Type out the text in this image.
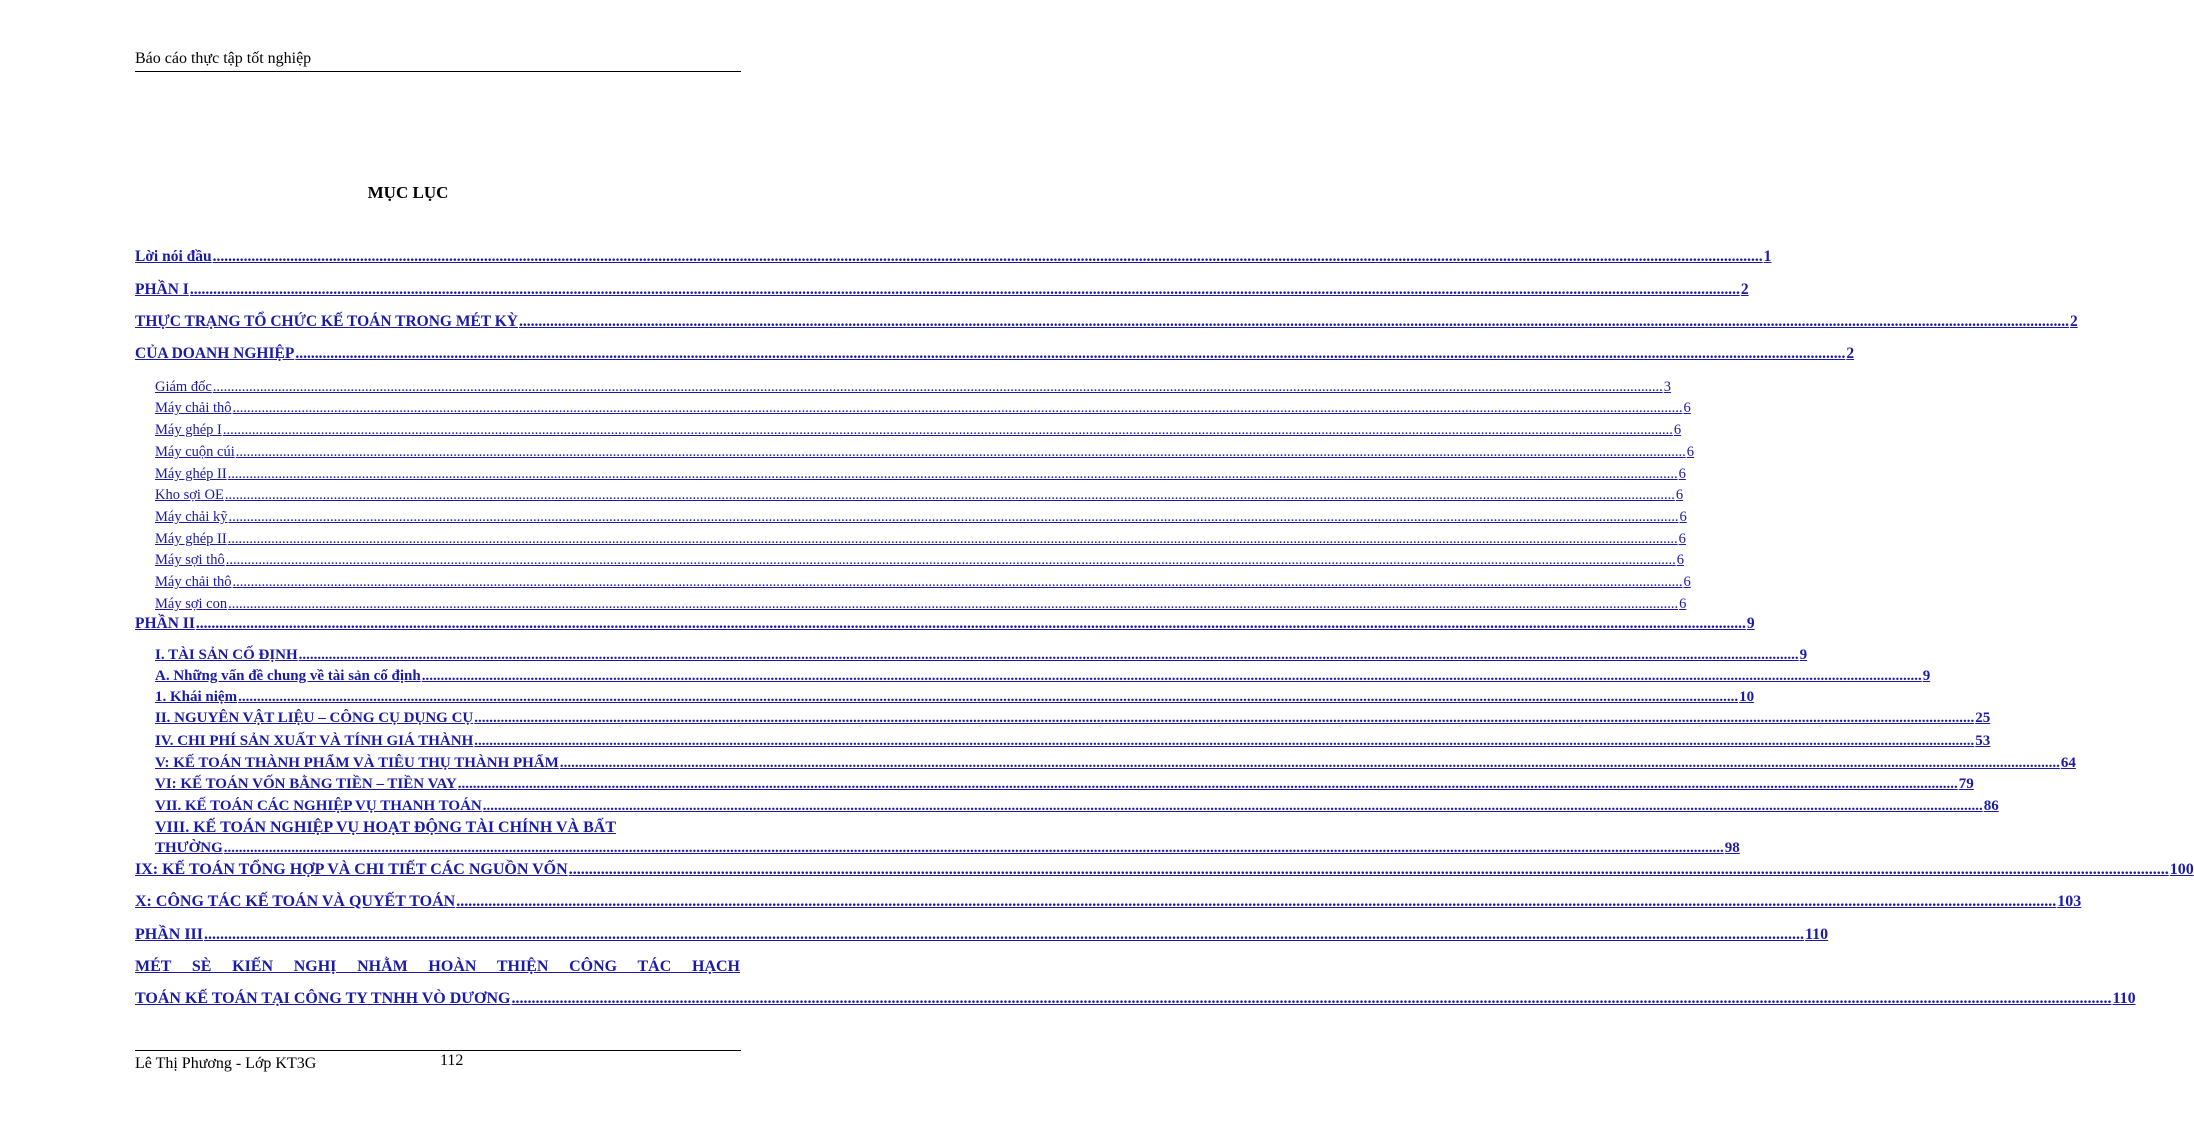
Báo cáo thực tập tốt nghiệp
MỤC LỤC
Lời nói đầu ................................................................................................................................................................................................................................................................................................................................................................................................................ 1
PHẦN I ................................................................................................................................................................................................................................................................................................................................................................................................................ 2
THỰC TRẠNG TỔ CHỨC KẾ TOÁN TRONG MÉT KỲ ................................................................................................................................................................................................................................................................................................................................................................................................................ 2
CỦA DOANH NGHIỆP ................................................................................................................................................................................................................................................................................................................................................................................................................ 2
Giám đốc ................................................................................................................................................................................................................................................................................................................................................................................................................ 3
Máy chải thô ................................................................................................................................................................................................................................................................................................................................................................................................................ 6
Máy ghép I ................................................................................................................................................................................................................................................................................................................................................................................................................ 6
Máy cuộn cúi ................................................................................................................................................................................................................................................................................................................................................................................................................ 6
Máy ghép II ................................................................................................................................................................................................................................................................................................................................................................................................................ 6
Kho sợi OE ................................................................................................................................................................................................................................................................................................................................................................................................................ 6
Máy chải kỹ ................................................................................................................................................................................................................................................................................................................................................................................................................ 6
Máy ghép II ................................................................................................................................................................................................................................................................................................................................................................................................................ 6
Máy sợi thô ................................................................................................................................................................................................................................................................................................................................................................................................................ 6
Máy chải thô ................................................................................................................................................................................................................................................................................................................................................................................................................ 6
Máy sợi con ................................................................................................................................................................................................................................................................................................................................................................................................................ 6
PHẦN II ................................................................................................................................................................................................................................................................................................................................................................................................................ 9
I. TÀI SẢN CỐ ĐỊNH ................................................................................................................................................................................................................................................................................................................................................................................................................ 9
A. Những vấn đề chung về tài sản cố định ................................................................................................................................................................................................................................................................................................................................................................................................................ 9
1. Khái niệm ................................................................................................................................................................................................................................................................................................................................................................................................................ 10
II. NGUYÊN VẬT LIỆU – CÔNG CỤ DỤNG CỤ ................................................................................................................................................................................................................................................................................................................................................................................................................ 25
IV. CHI PHÍ SẢN XUẤT VÀ TÍNH GIÁ THÀNH ................................................................................................................................................................................................................................................................................................................................................................................................................ 53
V: KẾ TOÁN THÀNH PHẨM VÀ TIÊU THỤ THÀNH PHẨM ................................................................................................................................................................................................................................................................................................................................................................................................................ 64
VI: KẾ TOÁN VỐN BẰNG TIỀN – TIỀN VAY ................................................................................................................................................................................................................................................................................................................................................................................................................ 79
VII. KẾ TOÁN CÁC NGHIỆP VỤ THANH TOÁN ................................................................................................................................................................................................................................................................................................................................................................................................................ 86
VIII. KẾ TOÁN NGHIỆP VỤ HOẠT ĐỘNG TÀI CHÍNH VÀ BẤT
THƯỜNG ................................................................................................................................................................................................................................................................................................................................................................................................................ 98
IX: KẾ TOÁN TỔNG HỢP VÀ CHI TIẾT CÁC NGUỒN VỐN ................................................................................................................................................................................................................................................................................................................................................................................................................ 100
X: CÔNG TÁC KẾ TOÁN VÀ QUYẾT TOÁN ................................................................................................................................................................................................................................................................................................................................................................................................................ 103
PHẦN III ................................................................................................................................................................................................................................................................................................................................................................................................................ 110
MÉT SÈ KIẾN NGHỊ NHẰM HOÀN THIỆN CÔNG TÁC HẠCH
TOÁN KẾ TOÁN TẠI CÔNG TY TNHH VÒ DƯƠNG ................................................................................................................................................................................................................................................................................................................................................................................................................ 110
Lê Thị Phương - Lớp KT3G	112
